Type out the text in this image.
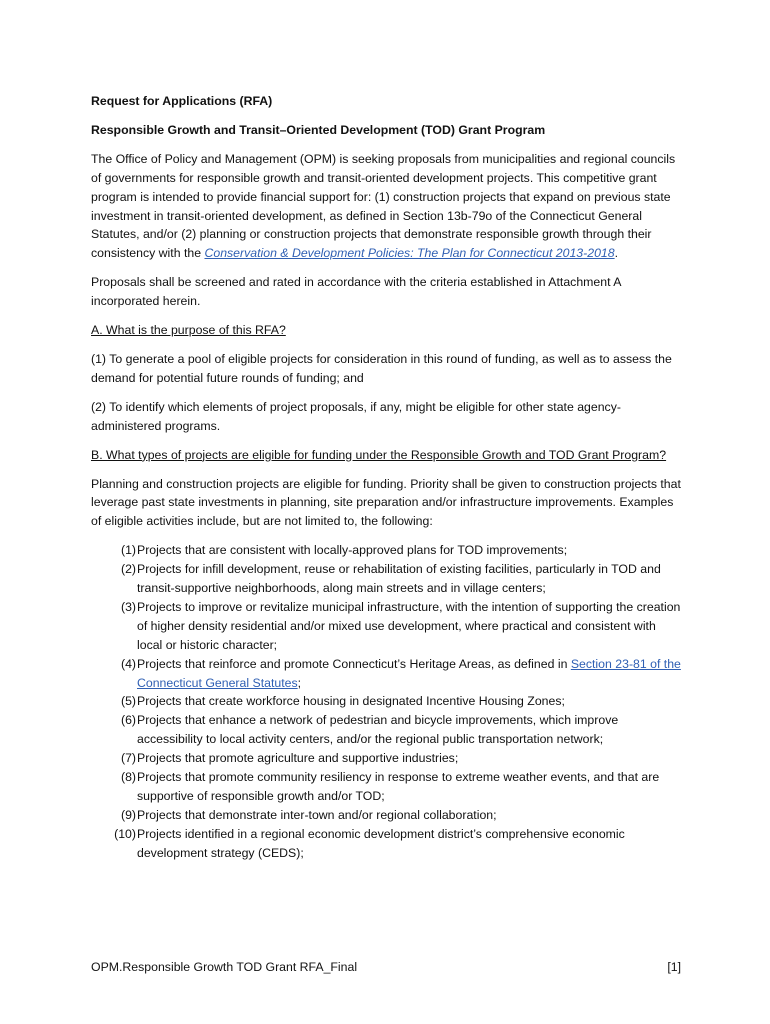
Request for Applications (RFA)

Responsible Growth and Transit–Oriented Development (TOD) Grant Program

The Office of Policy and Management (OPM) is seeking proposals from municipalities and regional councils of governments for responsible growth and transit-oriented development projects. This competitive grant program is intended to provide financial support for: (1) construction projects that expand on previous state investment in transit-oriented development, as defined in Section 13b-79o of the Connecticut General Statutes, and/or (2) planning or construction projects that demonstrate responsible growth through their consistency with the Conservation & Development Policies: The Plan for Connecticut 2013-2018.

Proposals shall be screened and rated in accordance with the criteria established in Attachment A incorporated herein.

A. What is the purpose of this RFA?

(1) To generate a pool of eligible projects for consideration in this round of funding, as well as to assess the demand for potential future rounds of funding; and

(2) To identify which elements of project proposals, if any, might be eligible for other state agency-administered programs.

B. What types of projects are eligible for funding under the Responsible Growth and TOD Grant Program?

Planning and construction projects are eligible for funding. Priority shall be given to construction projects that leverage past state investments in planning, site preparation and/or infrastructure improvements. Examples of eligible activities include, but are not limited to, the following:

(1) Projects that are consistent with locally-approved plans for TOD improvements;
(2) Projects for infill development, reuse or rehabilitation of existing facilities, particularly in TOD and transit-supportive neighborhoods, along main streets and in village centers;
(3) Projects to improve or revitalize municipal infrastructure, with the intention of supporting the creation of higher density residential and/or mixed use development, where practical and consistent with local or historic character;
(4) Projects that reinforce and promote Connecticut’s Heritage Areas, as defined in Section 23-81 of the Connecticut General Statutes;
(5) Projects that create workforce housing in designated Incentive Housing Zones;
(6) Projects that enhance a network of pedestrian and bicycle improvements, which improve accessibility to local activity centers, and/or the regional public transportation network;
(7) Projects that promote agriculture and supportive industries;
(8) Projects that promote community resiliency in response to extreme weather events, and that are supportive of responsible growth and/or TOD;
(9) Projects that demonstrate inter-town and/or regional collaboration;
(10) Projects identified in a regional economic development district’s comprehensive economic development strategy (CEDS);
OPM.Responsible Growth TOD Grant RFA_Final	[1]
